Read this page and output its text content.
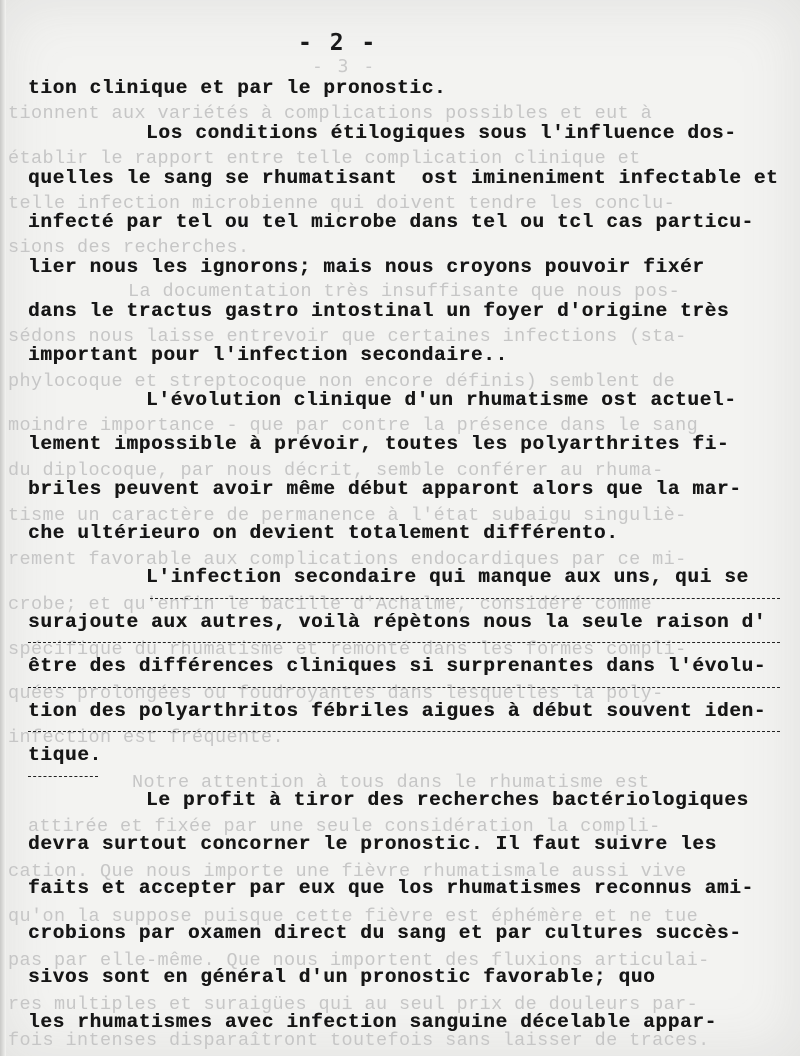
- 3 -
tionnent aux variétés à complications possibles et eut à
établir le rapport entre telle complication clinique et
telle infection microbienne qui doivent tendre les conclu-
sions des recherches.
La documentation très insuffisante que nous pos-
sédons nous laisse entrevoir que certaines infections (sta-
phylocoque et streptocoque non encore définis) semblent de
moindre importance - que par contre la présence dans le sang
du diplocoque, par nous décrit, semble conférer au rhuma-
tisme un caractère de permanence à l'état subaigu singuliè-
rement favorable aux complications endocardiques par ce mi-
crobe; et qu'enfin le bacille d'Achalme, considéré comme
spécifique du rhumatisme et remonté dans les formes compli-
quées prolongées ou foudroyantes dans lesquelles la poly-
infection est fréquente.
Notre attention à tous dans le rhumatisme est
attirée et fixée par une seule considération la compli-
cation. Que nous importe une fièvre rhumatismale aussi vive
qu'on la suppose puisque cette fièvre est éphémère et ne tue
pas par elle-même. Que nous importent des fluxions articulai-
res multiples et suraigües qui au seul prix de douleurs par-
fois intenses disparaîtront toutefois sans laisser de traces.
- 2 -
tion clinique et par le pronostic.
Los conditions étilogiques sous l'influence dos-
quelles le sang se rhumatisant  ost imineniment infectable et
infecté par tel ou tel microbe dans tel ou tcl cas particu-
lier nous les ignorons; mais nous croyons pouvoir fixér
dans le tractus gastro intostinal un foyer d'origine très
important pour l'infection secondaire..
L'évolution clinique d'un rhumatisme ost actuel-
lement impossible à prévoir, toutes les polyarthrites fi-
briles peuvent avoir même début apparont alors que la mar-
che ultérieuro on devient totalement différento.
L'infection secondaire qui manque aux uns, qui se
surajoute aux autres, voilà répètons nous la seule raison d'
être des différences cliniques si surprenantes dans l'évolu-
tion des polyarthritos fébriles aigues à début souvent iden-
tique.
Le profit à tiror des recherches bactériologiques
devra surtout concorner le pronostic. Il faut suivre les
faits et accepter par eux que los rhumatismes reconnus ami-
crobions par oxamen direct du sang et par cultures succès-
sivos sont en général d'un pronostic favorable; quo
les rhumatismes avec infection sanguine décelable appar-
